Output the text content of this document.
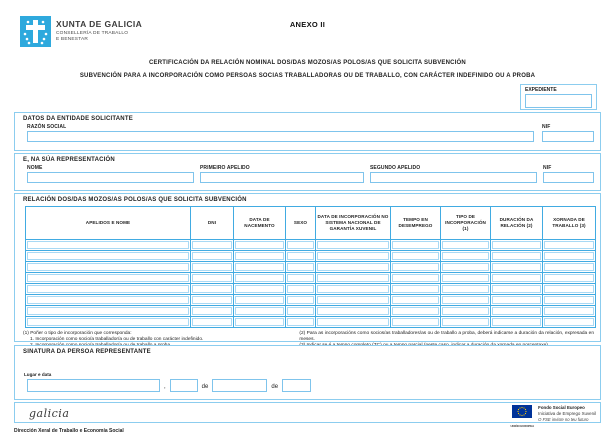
XUNTA DE GALICIA
CONSELLERÍA DE TRABALLO
E BENESTAR
ANEXO II
CERTIFICACIÓN DA RELACIÓN NOMINAL DOS/DAS MOZOS/AS POLOS/AS QUE SOLICITA SUBVENCIÓN
SUBVENCIÓN PARA A INCORPORACIÓN COMO PERSOAS SOCIAS TRABALLADORAS OU DE TRABALLO, CON CARÁCTER INDEFINIDO OU A PROBA
EXPEDIENTE
DATOS DA ENTIDADE SOLICITANTE
RAZÓN SOCIAL	NIF
E, NA SÚA REPRESENTACIÓN
NOME	PRIMEIRO APELIDO	SEGUNDO APELIDO	NIF
RELACIÓN DOS/DAS MOZOS/AS POLOS/AS QUE SOLICITA SUBVENCIÓN
APELIDOS E NOME	DNI	DATA DE NACEMENTO	SEXO	DATA DE INCORPORACIÓN NO SISTEMA NACIONAL DE GARANTÍA XUVENIL	TEMPO EN DESEMPREGO	TIPO DE INCORPORACIÓN (1)	DURACIÓN DA RELACIÓN (2)	XORNADA DE TRABALLO (3)

(1) Poñer o tipo de incorporación que corresponda:
1. Incorporación como socio/a traballador/a ou de traballo con carácter indefinido.
(2) Para as incorporacións como socios/as traballadores/as ou de traballo a proba, deberá indicarse a duración da relación, expresada en meses.
SINATURA DA PERSOA REPRESENTANTE
Lugar e data
,	de	de
galicia
UNIÓN EUROPEA
Fondo Social Europeo
Iniciativa de Emprego Xuvenil
O FSE inviste no teu futuro
Dirección Xeral de Traballo e Economía Social
